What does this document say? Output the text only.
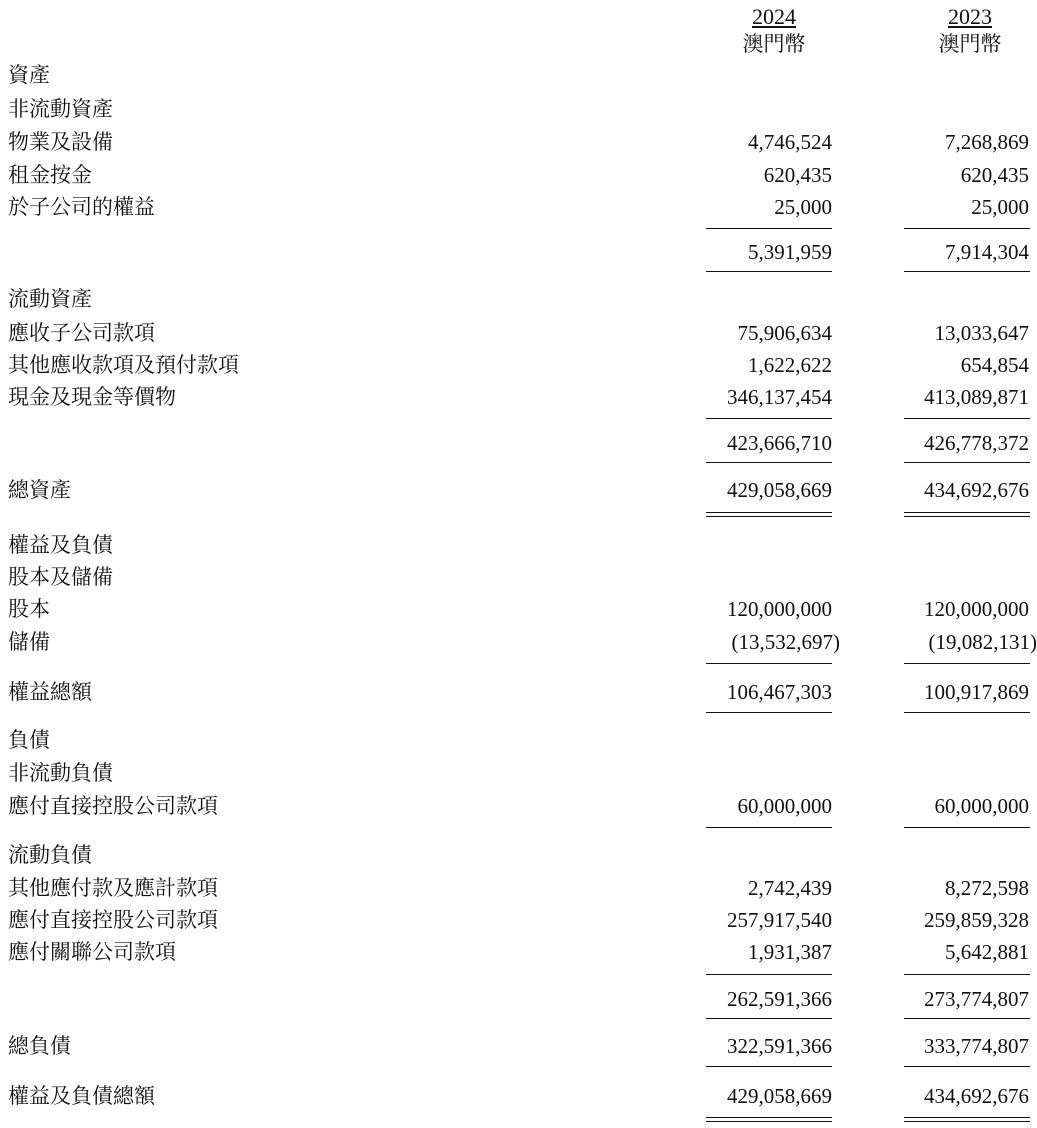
2024
澳門幣
2023
澳門幣
資產
非流動資產
物業及設備	4,746,524	7,268,869
租金按金	620,435	620,435
於子公司的權益	25,000	25,000
5,391,959	7,914,304
流動資產
應收子公司款項	75,906,634	13,033,647
其他應收款項及預付款項	1,622,622	654,854
現金及現金等價物	346,137,454	413,089,871
423,666,710	426,778,372
總資產	429,058,669	434,692,676
權益及負債
股本及儲備
股本	120,000,000	120,000,000
儲備	(13,532,697)	(19,082,131)
權益總額	106,467,303	100,917,869
負債
非流動負債
應付直接控股公司款項	60,000,000	60,000,000
流動負債
其他應付款及應計款項	2,742,439	8,272,598
應付直接控股公司款項	257,917,540	259,859,328
應付關聯公司款項	1,931,387	5,642,881
262,591,366	273,774,807
總負債	322,591,366	333,774,807
權益及負債總額	429,058,669	434,692,676
